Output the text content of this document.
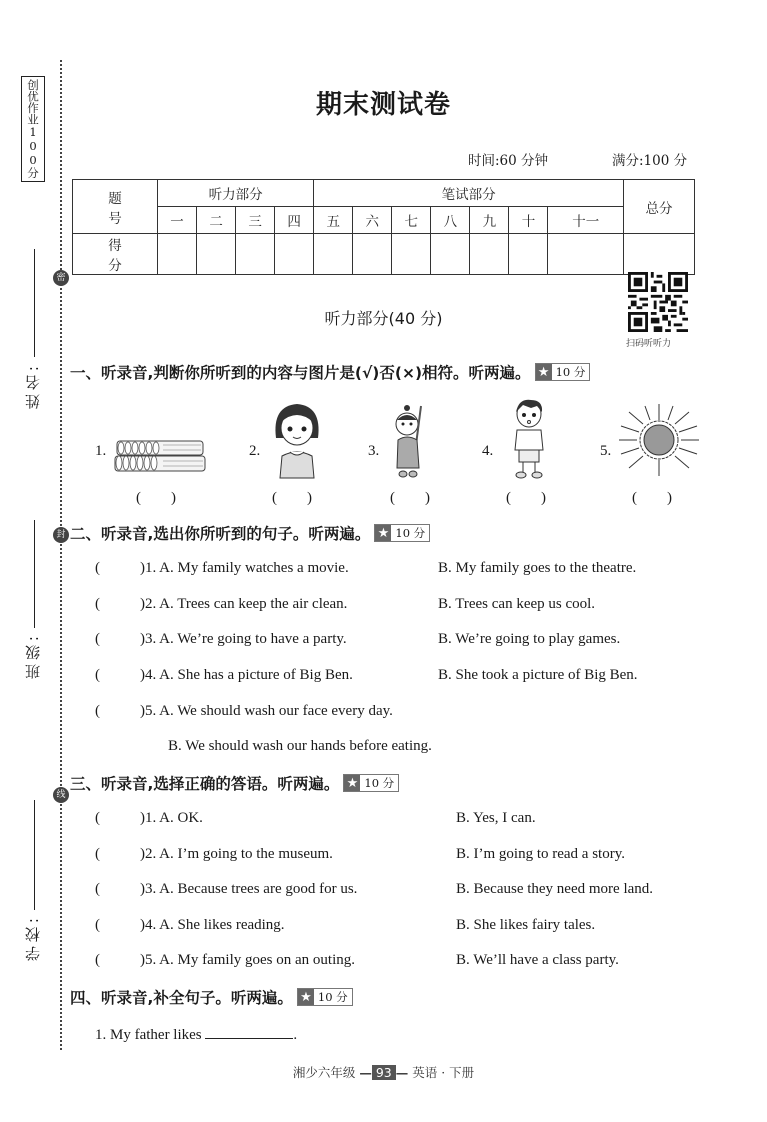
创优作业100分
密
封
线
姓名:
班级:
学校:
期末测试卷
时间:60 分钟	满分:100 分
题　号	听力部分				笔试部分							总分
	一	二	三	四	五	六	七	八	九	十	十一	
得　分												
扫码听听力
听力部分(40 分)
一、听录音,判断你所听到的内容与图片是(√)否(×)相符。听两遍。 ★ 10 分
1.
(　　)
2.
(　　)
3.
(　　)
4.
(　　)
5.
(　　)
二、听录音,选出你所听到的句子。听两遍。 ★ 10 分
(	)1. A. My family watches a movie.	B. My family goes to the theatre.
(	)2. A. Trees can keep the air clean.	B. Trees can keep us cool.
(	)3. A. We’re going to have a party.	B. We’re going to play games.
(	)4. A. She has a picture of Big Ben.	B. She took a picture of Big Ben.
(	)5. A. We should wash our face every day.
B. We should wash our hands before eating.
三、听录音,选择正确的答语。听两遍。 ★ 10 分
(	)1. A. OK.	B. Yes, I can.
(	)2. A. I’m going to the museum.	B. I’m going to read a story.
(	)3. A. Because trees are good for us.	B. Because they need more land.
(	)4. A. She likes reading.	B. She likes fairy tales.
(	)5. A. My family goes on an outing.	B. We’ll have a class party.
四、听录音,补全句子。听两遍。 ★ 10 分
1. My father likes	.
湘少六年级 — 93 — 英语 · 下册
